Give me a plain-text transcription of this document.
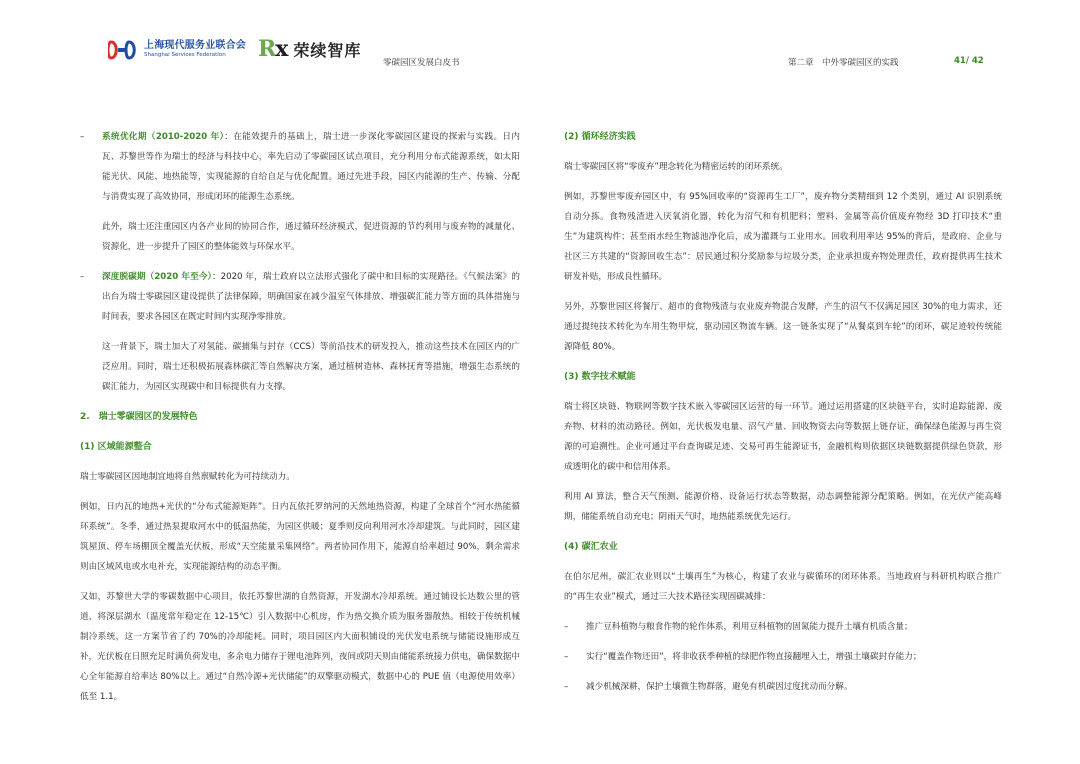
上海现代服务业联合会
Shanghai Services Federation	Rx 荣续智库
零碳园区发展白皮书	第二章　中外零碳园区的实践	41/ 42

– 系统优化期（2010-2020 年）：在能效提升的基础上，瑞士进一步深化零碳园区建设的探索与实践。日内瓦、苏黎世等作为瑞士的经济与科技中心，率先启动了零碳园区试点项目，充分利用分布式能源系统，如太阳能光伏、风能、地热能等，实现能源的自给自足与优化配置。通过先进手段，园区内能源的生产、传输、分配与消费实现了高效协同，形成闭环的能源生态系统。

此外，瑞士还注重园区内各产业间的协同合作，通过循环经济模式，促进资源的节约利用与废弃物的减量化、资源化，进一步提升了园区的整体能效与环保水平。

– 深度脱碳期（2020 年至今）：2020 年，瑞士政府以立法形式强化了碳中和目标的实现路径。《气候法案》的出台为瑞士零碳园区建设提供了法律保障，明确国家在减少温室气体排放、增强碳汇能力等方面的具体措施与时间表，要求各园区在既定时间内实现净零排放。

这一背景下，瑞士加大了对氢能、碳捕集与封存（CCS）等前沿技术的研发投入，推动这些技术在园区内的广泛应用。同时，瑞士还积极拓展森林碳汇等自然解决方案，通过植树造林、森林抚育等措施，增强生态系统的碳汇能力，为园区实现碳中和目标提供有力支撑。

2.　瑞士零碳园区的发展特色
(1) 区域能源整合

瑞士零碳园区因地制宜地将自然禀赋转化为可持续动力。

例如，日内瓦的地热+光伏的“分布式能源矩阵”。日内瓦依托罗纳河的天然地热资源，构建了全球首个“河水热能循环系统”。冬季，通过热泵提取河水中的低温热能，为园区供暖；夏季则反向利用河水冷却建筑。与此同时，园区建筑屋顶、停车场棚顶全覆盖光伏板，形成“天空能量采集网络”。两者协同作用下，能源自给率超过 90%，剩余需求则由区域风电或水电补充，实现能源结构的动态平衡。

又如，苏黎世大学的零碳数据中心项目，依托苏黎世湖的自然资源，开发湖水冷却系统。通过铺设长达数公里的管道，将深层湖水（温度常年稳定在 12-15℃）引入数据中心机房，作为热交换介质为服务器散热。相较于传统机械制冷系统，这一方案节省了约 70%的冷却能耗。同时，项目园区内大面积铺设的光伏发电系统与储能设施形成互补，光伏板在日照充足时满负荷发电，多余电力储存于锂电池阵列，夜间或阴天则由储能系统接力供电，确保数据中心全年能源自给率达 80%以上。通过“自然冷源+光伏储能”的双擎驱动模式，数据中心的 PUE 值（电源使用效率）低至 1.1。

(2) 循环经济实践

瑞士零碳园区将“零废弃”理念转化为精密运转的闭环系统。

例如，苏黎世零废弃园区中，有 95%回收率的“资源再生工厂”，废弃物分类精细到 12 个类别，通过 AI 识别系统自动分拣。食物残渣进入厌氧消化器，转化为沼气和有机肥料；塑料、金属等高价值废弃物经 3D 打印技术“重生”为建筑构件；甚至雨水经生物滤池净化后，成为灌溉与工业用水。回收利用率达 95%的背后，是政府、企业与社区三方共建的“资源回收生态”：居民通过积分奖励参与垃圾分类，企业承担废弃物处理责任，政府提供再生技术研发补贴，形成良性循环。

另外，苏黎世园区将餐厅、超市的食物残渣与农业废弃物混合发酵，产生的沼气不仅满足园区 30%的电力需求，还通过提纯技术转化为车用生物甲烷，驱动园区物流车辆。这一链条实现了“从餐桌到车轮”的闭环，碳足迹较传统能源降低 80%。

(3) 数字技术赋能

瑞士将区块链、物联网等数字技术嵌入零碳园区运营的每一环节。通过运用搭建的区块链平台，实时追踪能源、废弃物、材料的流动路径。例如，光伏板发电量、沼气产量、回收物资去向等数据上链存证，确保绿色能源与再生资源的可追溯性。企业可通过平台查询碳足迹、交易可再生能源证书，金融机构则依据区块链数据提供绿色贷款，形成透明化的碳中和信用体系。

利用 AI 算法，整合天气预测、能源价格、设备运行状态等数据，动态调整能源分配策略。例如，在光伏产能高峰期，储能系统自动充电；阴雨天气时，地热能系统优先运行。

(4) 碳汇农业

在伯尔尼州，碳汇农业则以“土壤再生”为核心，构建了农业与碳循环的闭环体系。当地政府与科研机构联合推广的“再生农业”模式，通过三大技术路径实现固碳减排：

– 推广豆科植物与粮食作物的轮作体系，利用豆科植物的固氮能力提升土壤有机质含量；

– 实行“覆盖作物还田”，将非收获季种植的绿肥作物直接翻埋入土，增强土壤碳封存能力；

– 减少机械深耕，保护土壤微生物群落，避免有机碳因过度扰动而分解。
